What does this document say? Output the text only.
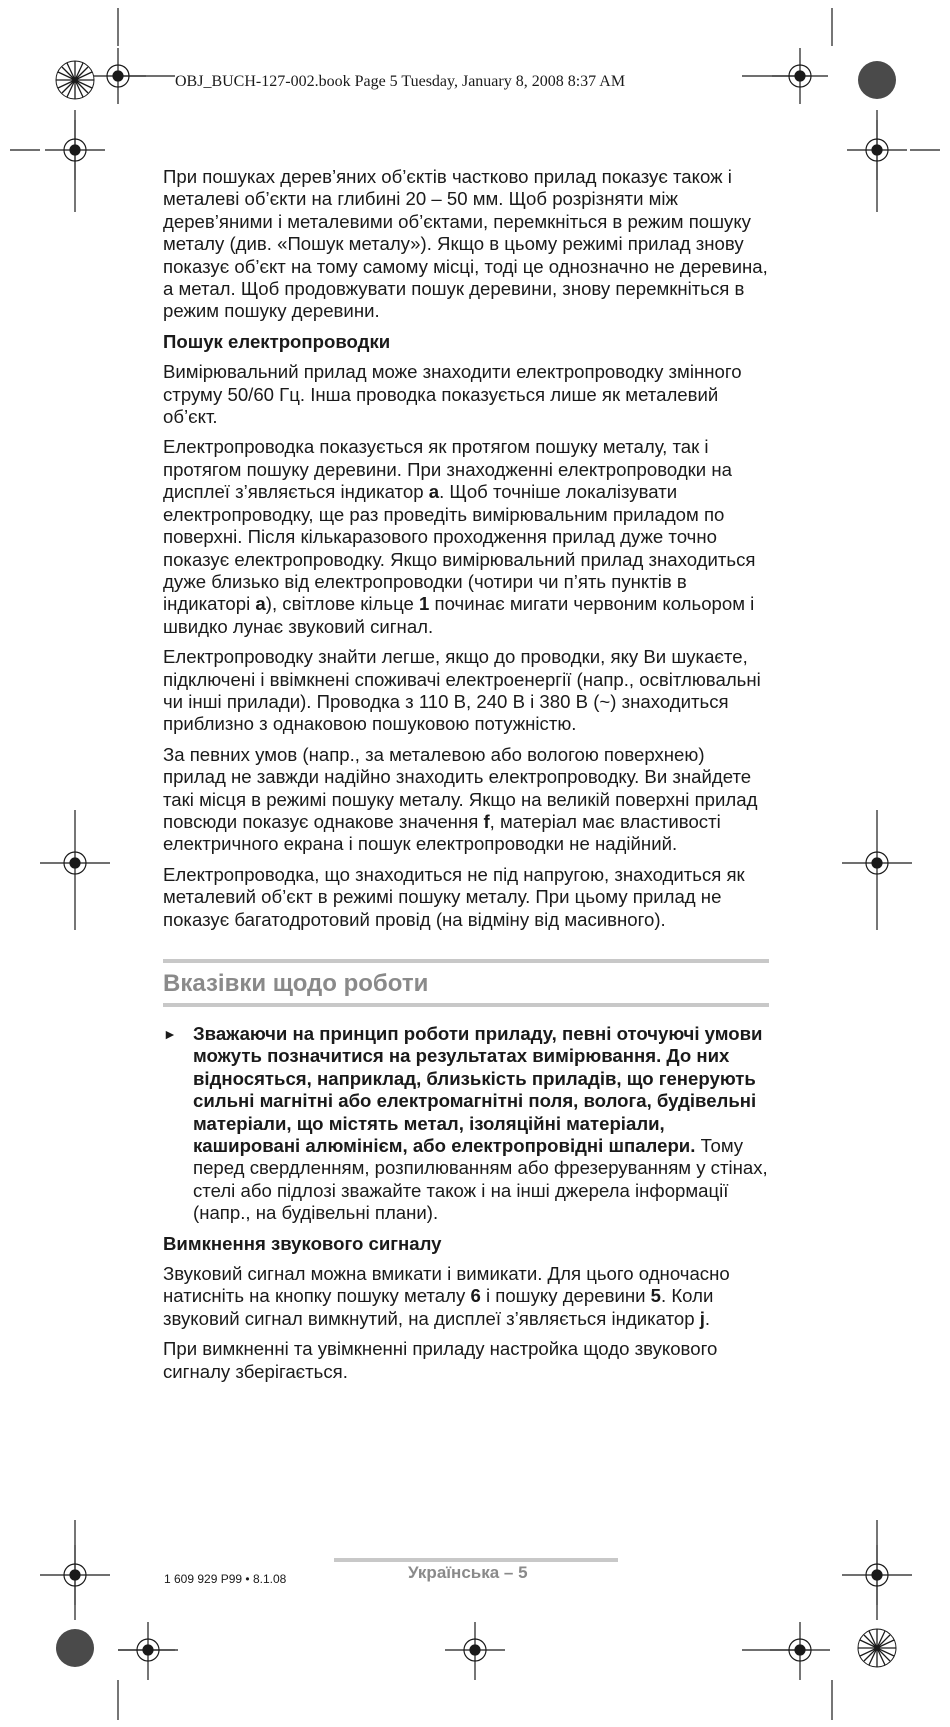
OBJ_BUCH-127-002.book Page 5 Tuesday, January 8, 2008 8:37 AM

При пошуках дерев’яних об’єктів частково прилад показує також і металеві об’єкти на глибині 20 – 50 мм. Щоб розрізняти між дерев’яними і металевими об’єктами, перемкніться в режим пошуку металу (див. «Пошук металу»). Якщо в цьому режимі прилад знову показує об’єкт на тому самому місці, тоді це однозначно не деревина, а метал. Щоб продовжувати пошук деревини, знову перемкніться в режим пошуку деревини.

Пошук електропроводки

Вимірювальний прилад може знаходити електропроводку змінного струму 50/60 Гц. Інша проводка показується лише як металевий об’єкт.

Електропроводка показується як протягом пошуку металу, так і протягом пошуку деревини. При знаходженні електропроводки на дисплеї з’являється індикатор a. Щоб точніше локалізувати електропроводку, ще раз проведіть вимірювальним приладом по поверхні. Після кількаразового проходження прилад дуже точно показує електропроводку. Якщо вимірювальний прилад знаходиться дуже близько від електропроводки (чотири чи п’ять пунктів в індикаторі a), світлове кільце 1 починає мигати червоним кольором і швидко лунає звуковий сигнал.

Електропроводку знайти легше, якщо до проводки, яку Ви шукаєте, підключені і ввімкнені споживачі електроенергії (напр., освітлювальні чи інші прилади). Проводка з 110 В, 240 В і 380 В (~) знаходиться приблизно з однаковою пошуковою потужністю.

За певних умов (напр., за металевою або вологою поверхнею) прилад не завжди надійно знаходить електропроводку. Ви знайдете такі місця в режимі пошуку металу. Якщо на великій поверхні прилад повсюди показує однакове значення f, матеріал має властивості електричного екрана і пошук електропроводки не надійний.

Електропроводка, що знаходиться не під напругою, знаходиться як металевий об’єкт в режимі пошуку металу. При цьому прилад не показує багатодротовий провід (на відміну від масивного).

Вказівки щодо роботи
► Зважаючи на принцип роботи приладу, певні оточуючі умови можуть позначитися на результатах вимірювання. До них відносяться, наприклад, близькість приладів, що генерують сильні магнітні або електромагнітні поля, волога, будівельні матеріали, що містять метал, ізоляційні матеріали, кашировані алюмінієм, або електропровідні шпалери. Тому перед свердленням, розпилюванням або фрезеруванням у стінах, стелі або підлозі зважайте також і на інші джерела інформації (напр., на будівельні плани).

Вимкнення звукового сигналу

Звуковий сигнал можна вмикати і вимикати. Для цього одночасно натисніть на кнопку пошуку металу 6 і пошуку деревини 5. Коли звуковий сигнал вимкнутий, на дисплеї з’являється індикатор j.

При вимкненні та увімкненні приладу настройка щодо звукового сигналу зберігається.

1 609 929 P99 • 8.1.08	Українська – 5
